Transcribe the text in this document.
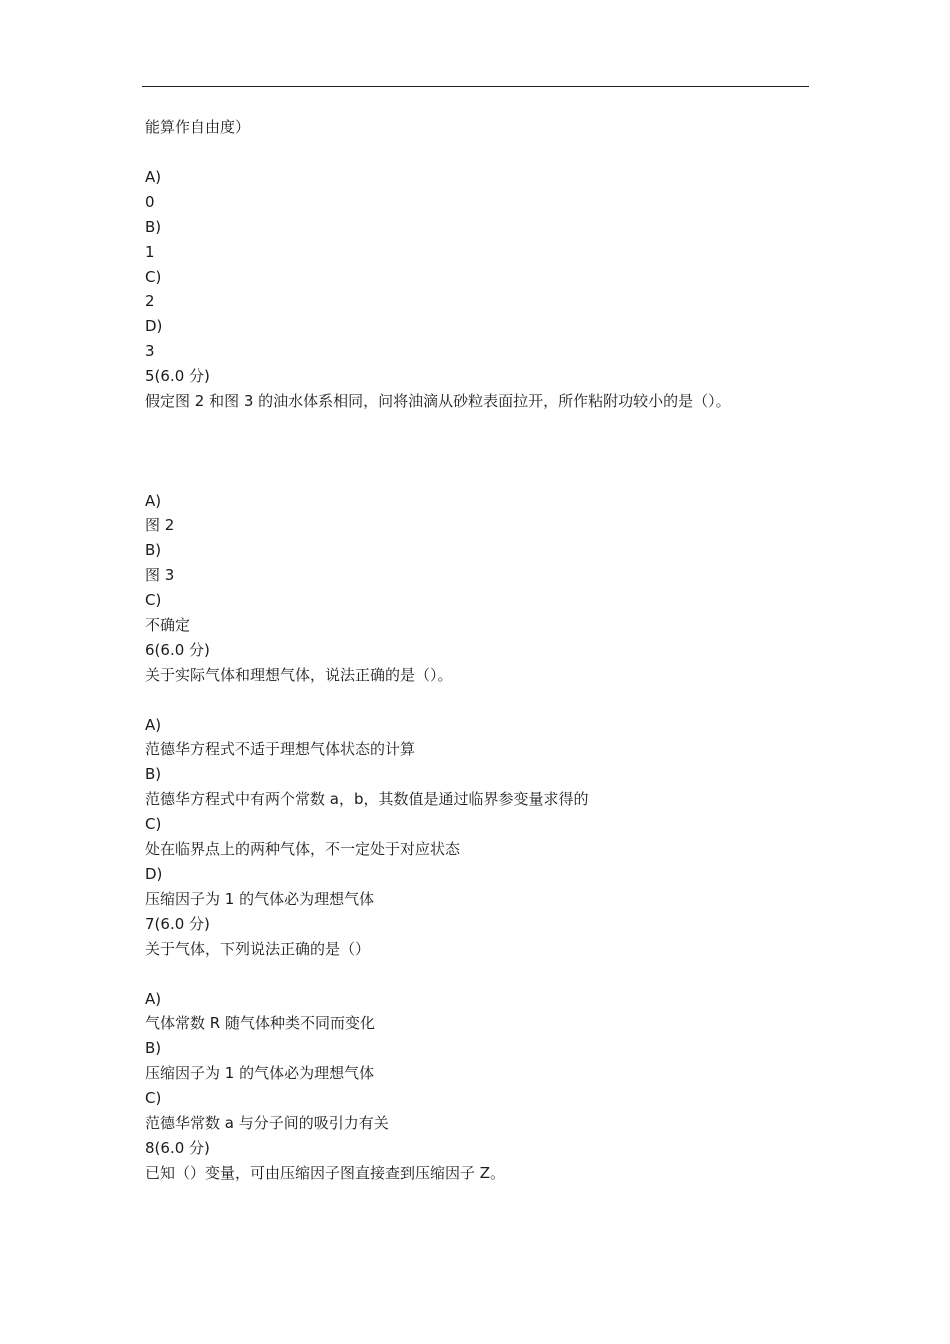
能算作自由度）
A)
0
B)
1
C)
2
D)
3
5(6.0 分)
假定图 2 和图 3 的油水体系相同，问将油滴从砂粒表面拉开，所作粘附功较小的是（）。
A)
图 2
B)
图 3
C)
不确定
6(6.0 分)
关于实际气体和理想气体，说法正确的是（）。
A)
范德华方程式不适于理想气体状态的计算
B)
范德华方程式中有两个常数 a，b，其数值是通过临界参变量求得的
C)
处在临界点上的两种气体，不一定处于对应状态
D)
压缩因子为 1 的气体必为理想气体
7(6.0 分)
关于气体，下列说法正确的是（）
A)
气体常数 R 随气体种类不同而变化
B)
压缩因子为 1 的气体必为理想气体
C)
范德华常数 a 与分子间的吸引力有关
8(6.0 分)
已知（）变量，可由压缩因子图直接查到压缩因子 Z。
